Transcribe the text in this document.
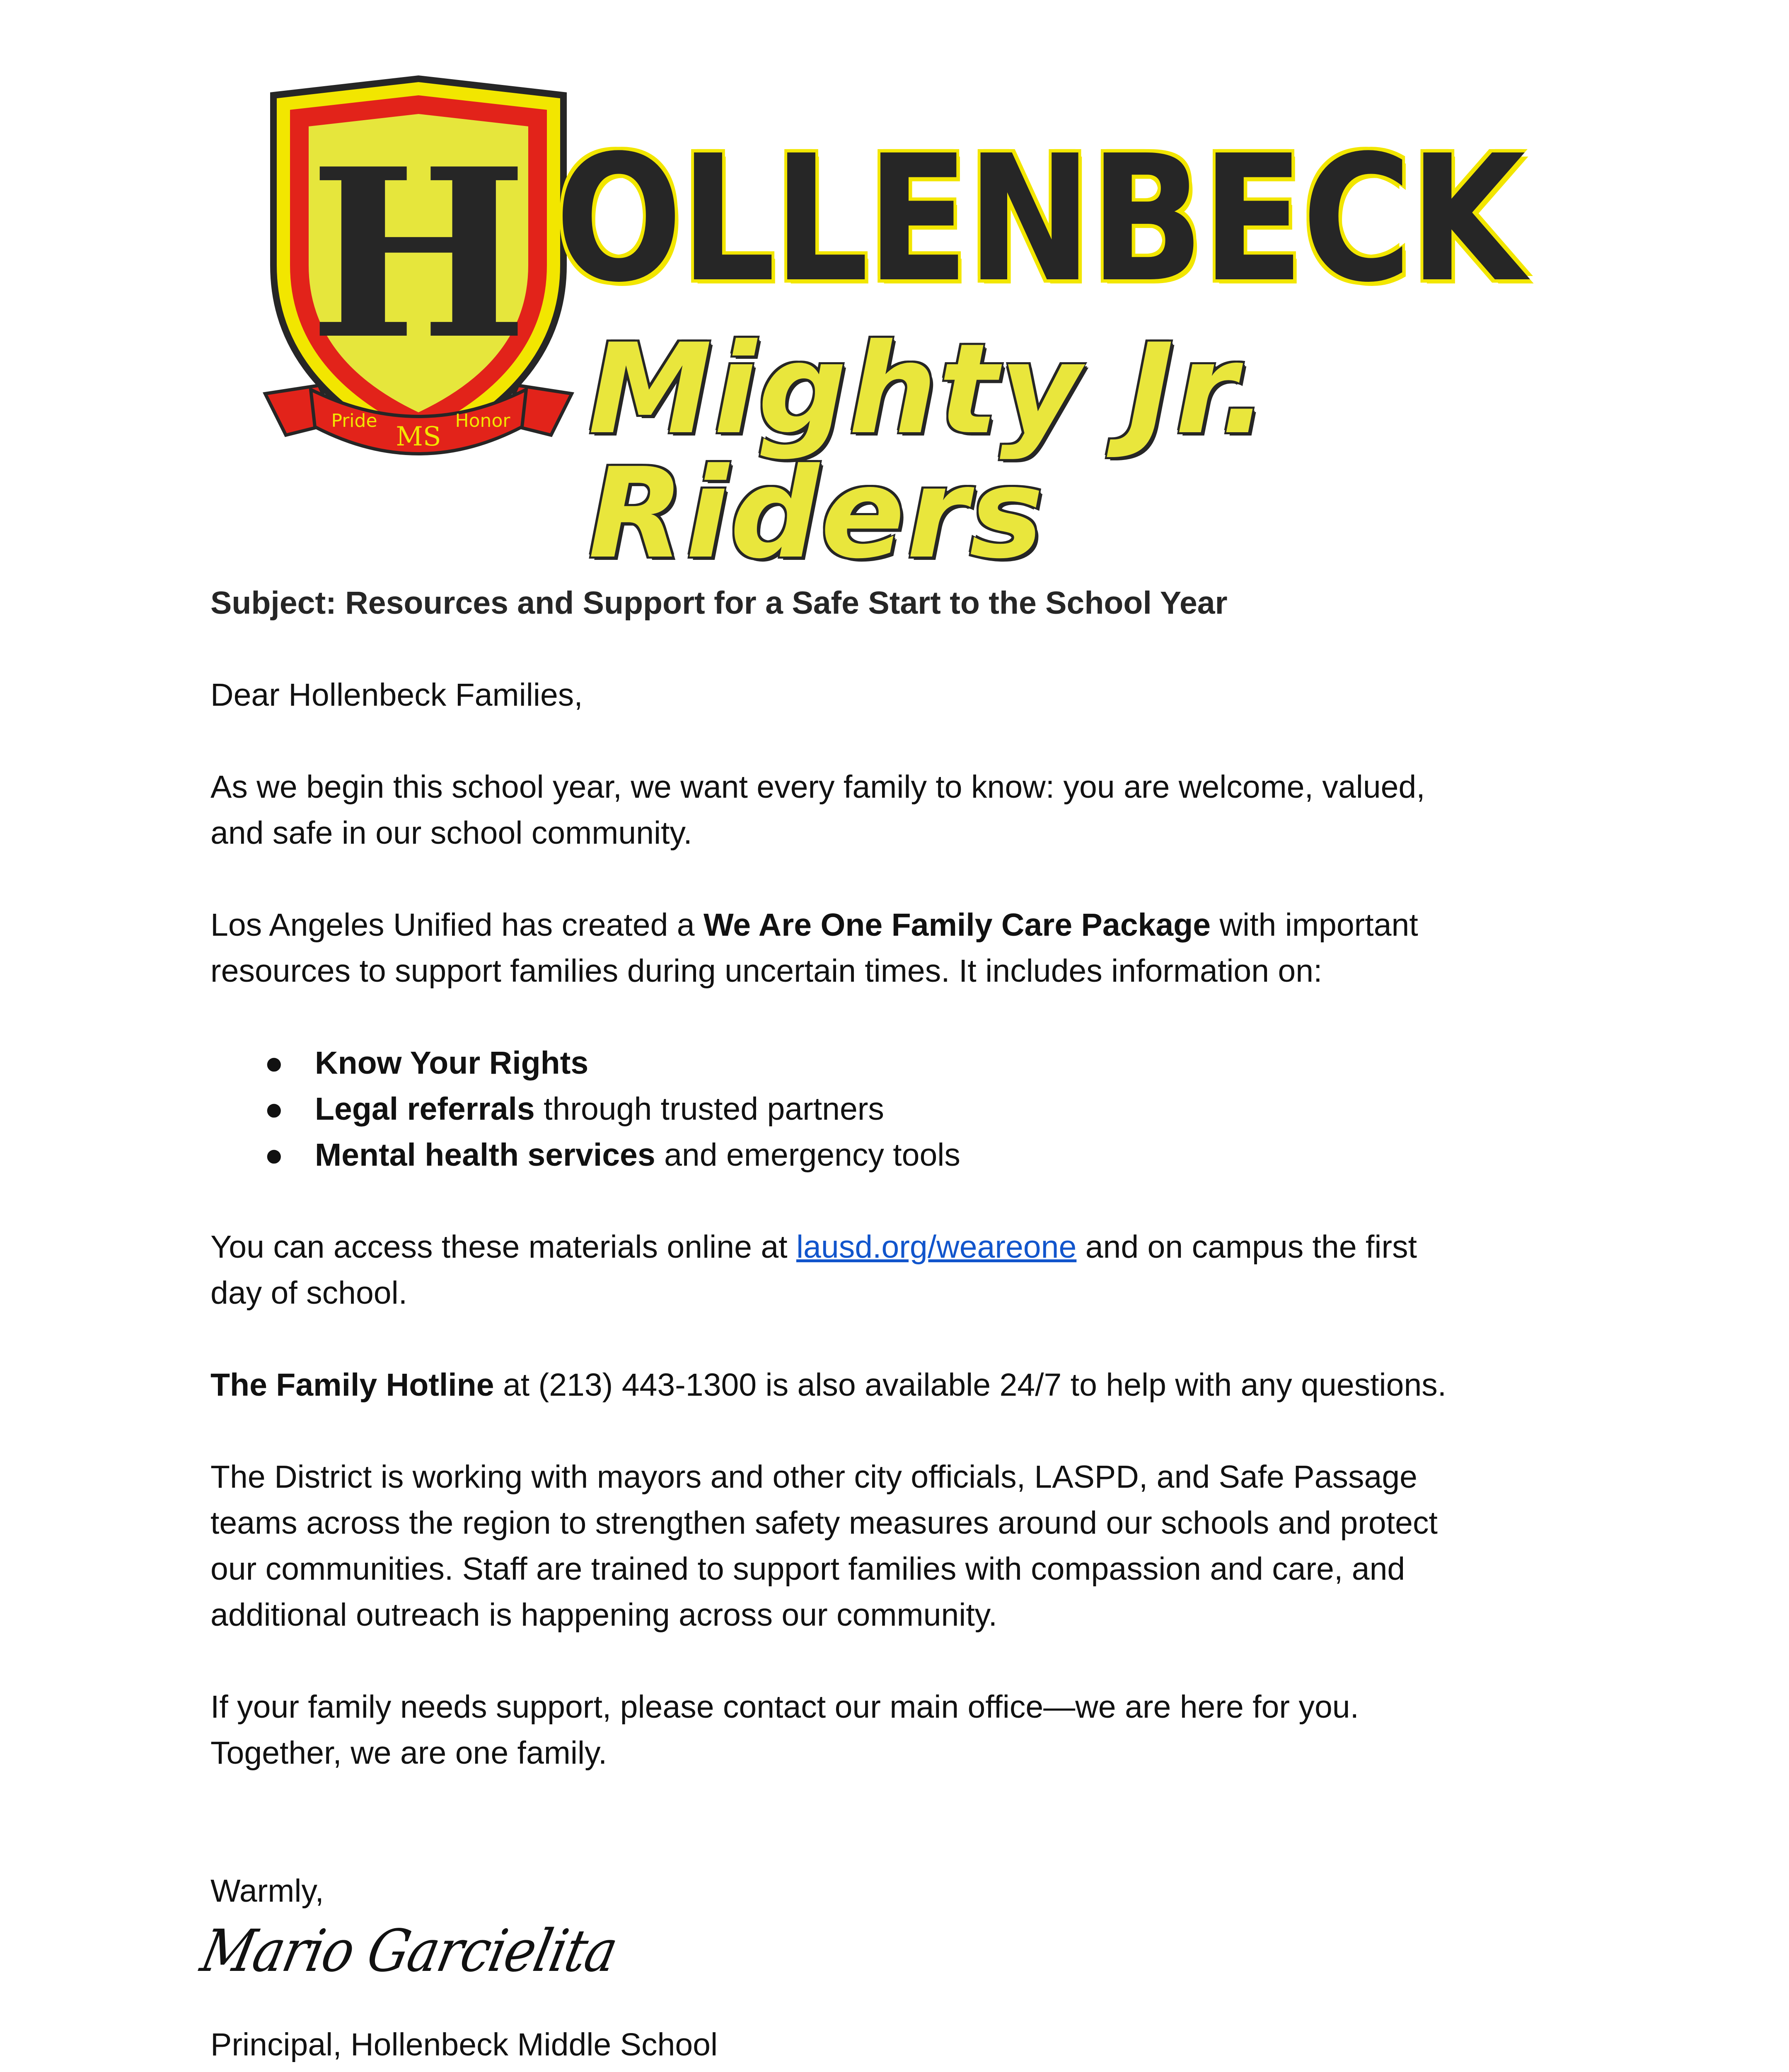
H
Pride
MS
Honor
OLLENBECK
Mighty Jr. Riders

Subject: Resources and Support for a Safe Start to the School Year

Dear Hollenbeck Families,

As we begin this school year, we want every family to know: you are welcome, valued,
and safe in our school community.

Los Angeles Unified has created a We Are One Family Care Package with important
resources to support families during uncertain times. It includes information on:

● Know Your Rights
● Legal referrals through trusted partners
● Mental health services and emergency tools

You can access these materials online at lausd.org/weareone and on campus the first
day of school.

The Family Hotline at (213) 443-1300 is also available 24/7 to help with any questions.

The District is working with mayors and other city officials, LASPD, and Safe Passage
teams across the region to strengthen safety measures around our schools and protect
our communities. Staff are trained to support families with compassion and care, and
additional outreach is happening across our community.

If your family needs support, please contact our main office—we are here for you.
Together, we are one family.

Warmly,

Mario Garcielita

Principal, Hollenbeck Middle School
